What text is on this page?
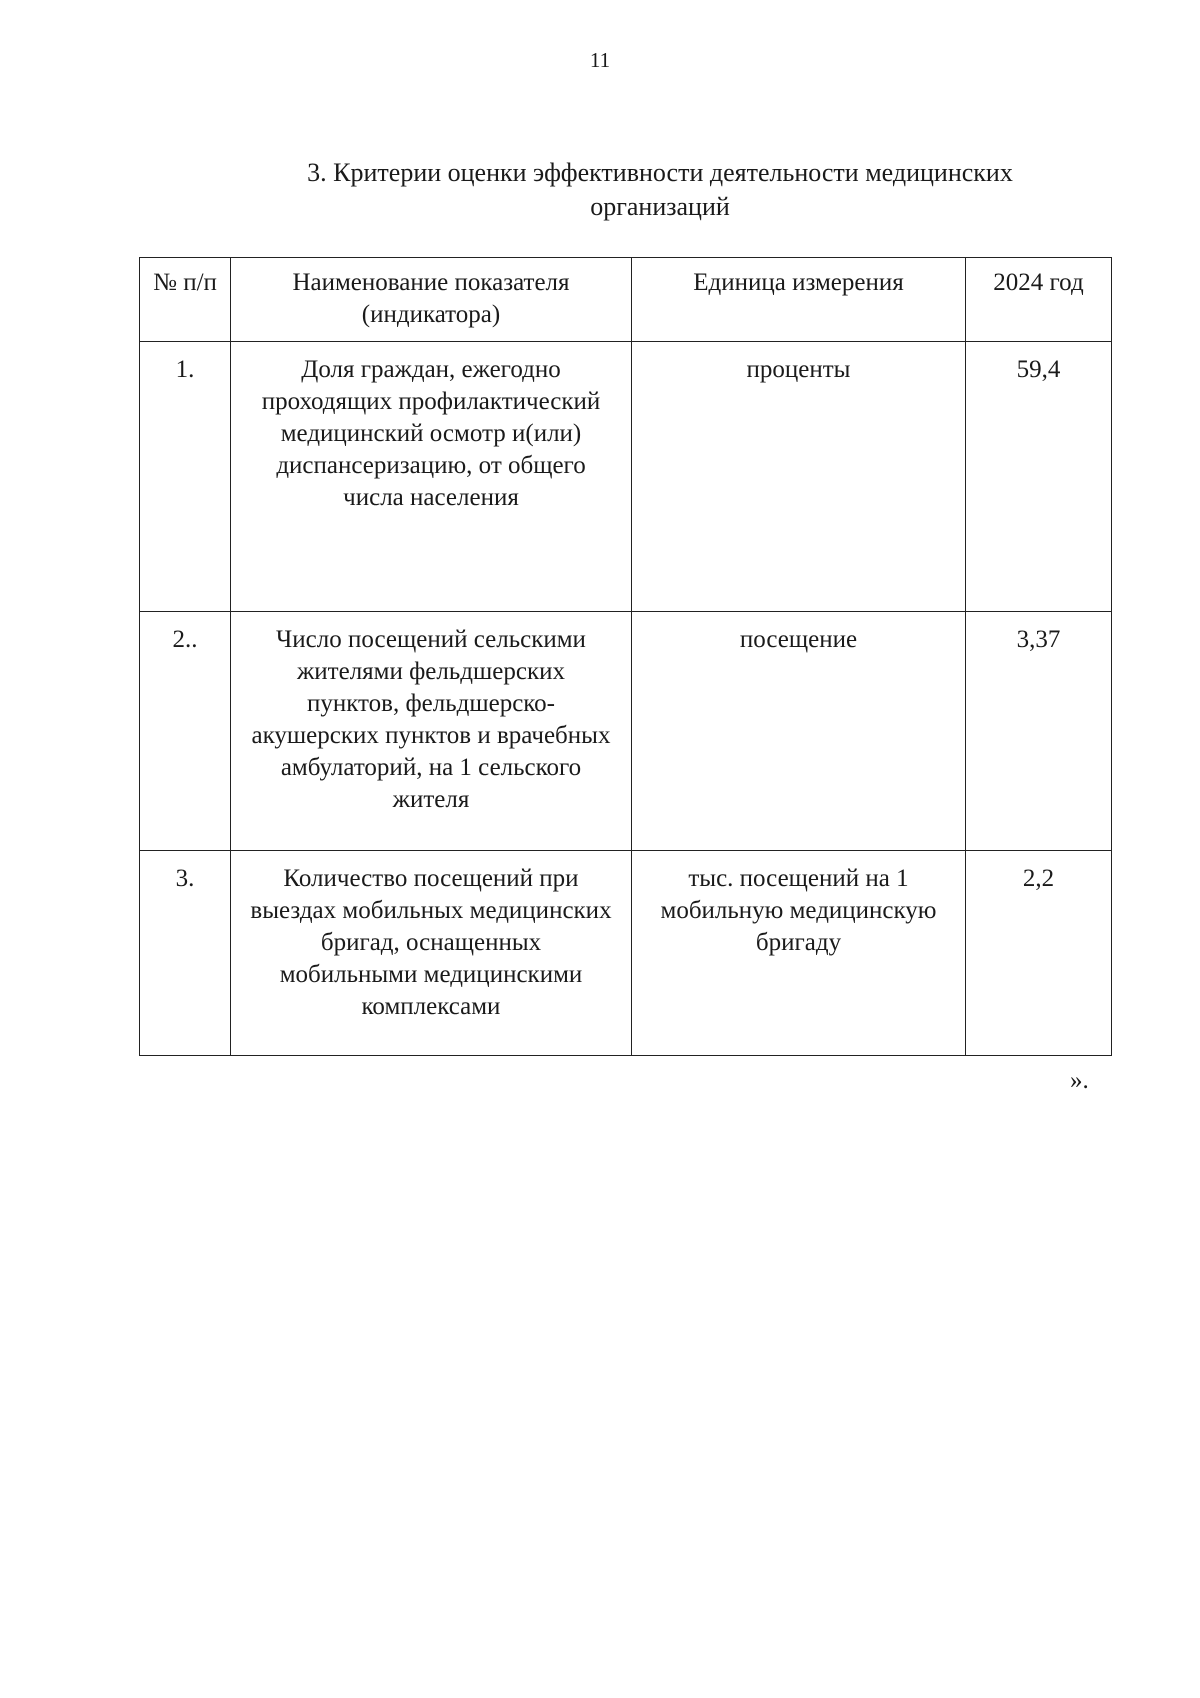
11
3. Критерии оценки эффективности деятельности медицинских
организаций
№ п/п	Наименование показателя (индикатора)	Единица измерения	2024 год
1.	Доля граждан, ежегодно проходящих профилактический медицинский осмотр и(или) диспансеризацию, от общего числа населения	проценты	59,4
2..	Число посещений сельскими жителями фельдшерских пунктов, фельдшерско-акушерских пунктов и врачебных амбулаторий, на 1 сельского жителя	посещение	3,37
3.	Количество посещений при выездах мобильных медицинских бригад, оснащенных мобильными медицинскими комплексами	тыс. посещений на 1 мобильную медицинскую бригаду	2,2
».
